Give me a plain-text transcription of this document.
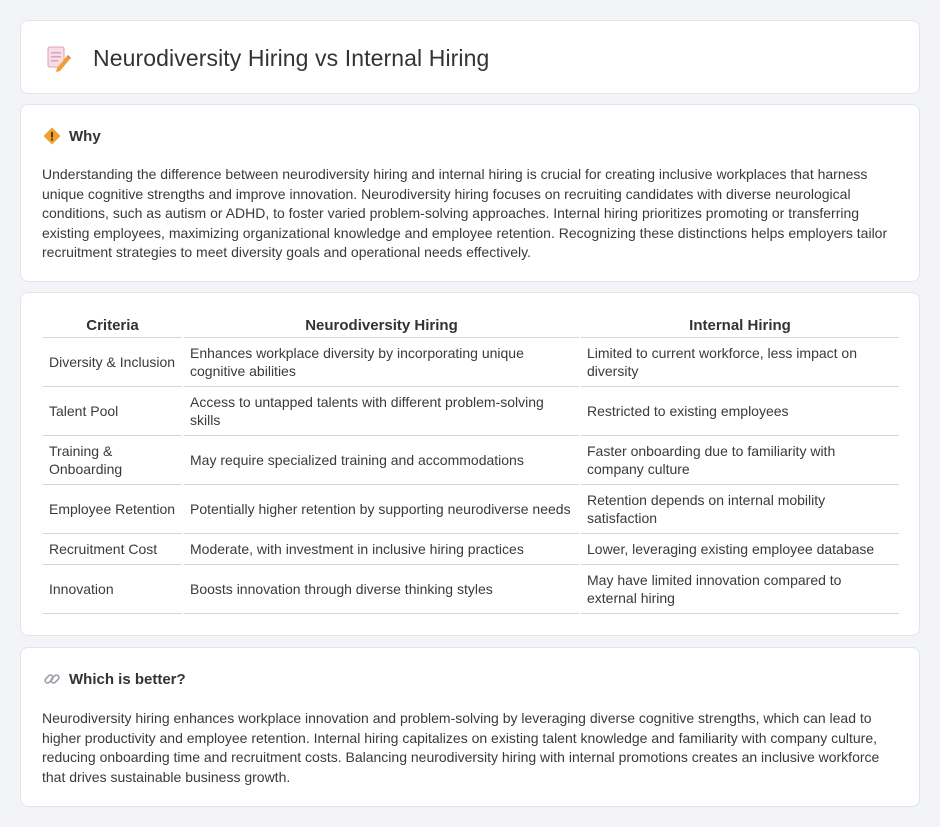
Neurodiversity Hiring vs Internal Hiring
Why

Understanding the difference between neurodiversity hiring and internal hiring is crucial for creating inclusive workplaces that harness unique cognitive strengths and improve innovation. Neurodiversity hiring focuses on recruiting candidates with diverse neurological conditions, such as autism or ADHD, to foster varied problem-solving approaches. Internal hiring prioritizes promoting or transferring existing employees, maximizing organizational knowledge and employee retention. Recognizing these distinctions helps employers tailor recruitment strategies to meet diversity goals and operational needs effectively.

Criteria	Neurodiversity Hiring	Internal Hiring
Diversity & Inclusion	Enhances workplace diversity by incorporating unique cognitive abilities	Limited to current workforce, less impact on diversity
Talent Pool	Access to untapped talents with different problem-solving skills	Restricted to existing employees
Training & Onboarding	May require specialized training and accommodations	Faster onboarding due to familiarity with company culture
Employee Retention	Potentially higher retention by supporting neurodiverse needs	Retention depends on internal mobility satisfaction
Recruitment Cost	Moderate, with investment in inclusive hiring practices	Lower, leveraging existing employee database
Innovation	Boosts innovation through diverse thinking styles	May have limited innovation compared to external hiring
Which is better?

Neurodiversity hiring enhances workplace innovation and problem-solving by leveraging diverse cognitive strengths, which can lead to higher productivity and employee retention. Internal hiring capitalizes on existing talent knowledge and familiarity with company culture, reducing onboarding time and recruitment costs. Balancing neurodiversity hiring with internal promotions creates an inclusive workforce that drives sustainable business growth.
